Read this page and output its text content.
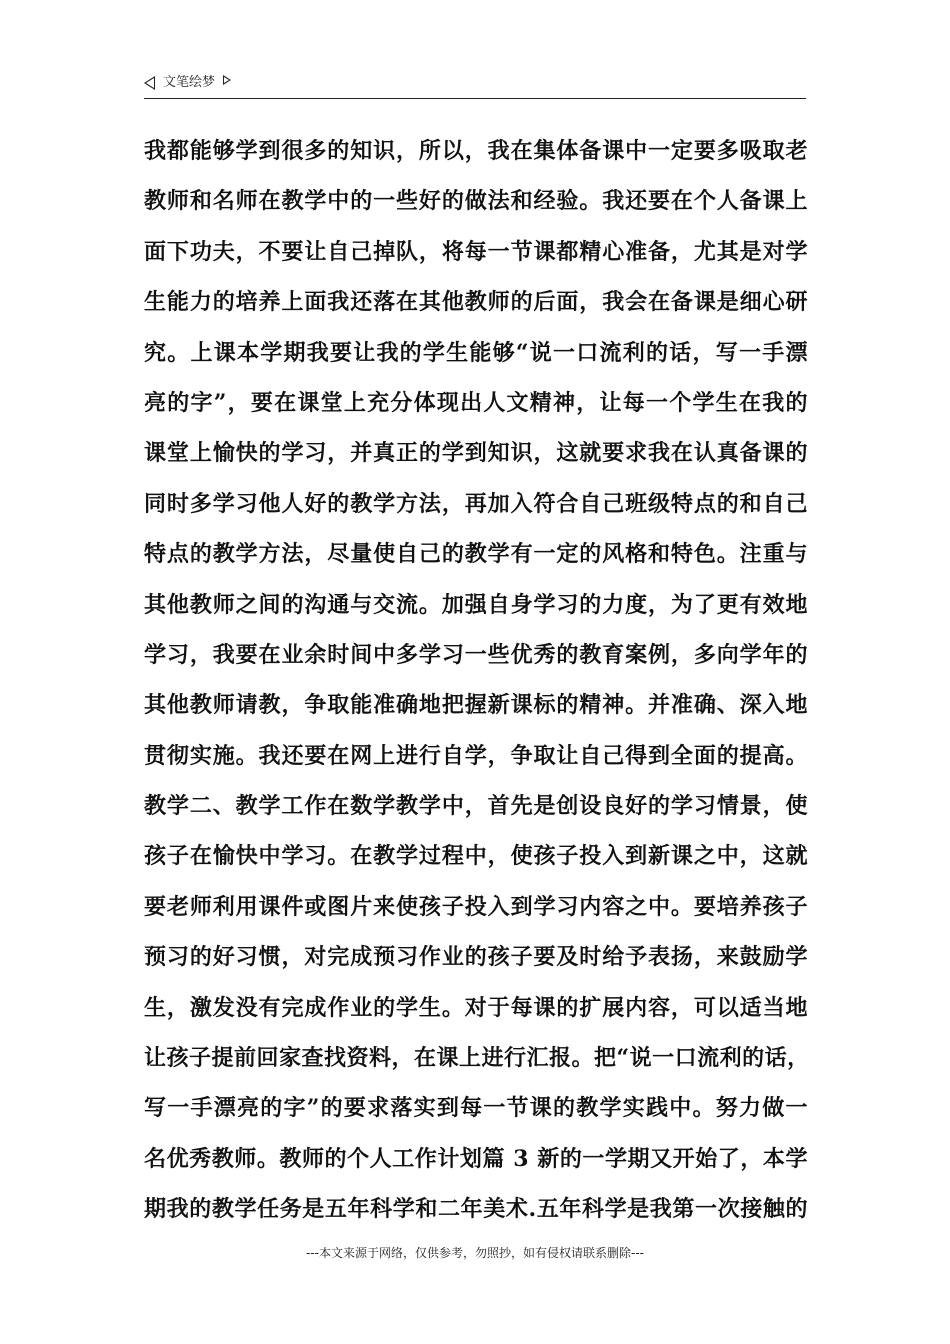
文笔绘梦
我都能够学到很多的知识，所以，我在集体备课中一定要多吸取老
教师和名师在教学中的一些好的做法和经验。我还要在个人备课上
面下功夫，不要让自己掉队，将每一节课都精心准备，尤其是对学
生能力的培养上面我还落在其他教师的后面，我会在备课是细心研
究。上课本学期我要让我的学生能够“说一口流利的话，写一手漂
亮的字”，要在课堂上充分体现出人文精神，让每一个学生在我的
课堂上愉快的学习，并真正的学到知识，这就要求我在认真备课的
同时多学习他人好的教学方法，再加入符合自己班级特点的和自己
特点的教学方法，尽量使自己的教学有一定的风格和特色。注重与
其他教师之间的沟通与交流。加强自身学习的力度，为了更有效地
学习，我要在业余时间中多学习一些优秀的教育案例，多向学年的
其他教师请教，争取能准确地把握新课标的精神。并准确、深入地
贯彻实施。我还要在网上进行自学，争取让自己得到全面的提高。
教学二、教学工作在数学教学中，首先是创设良好的学习情景，使
孩子在愉快中学习。在教学过程中，使孩子投入到新课之中，这就
要老师利用课件或图片来使孩子投入到学习内容之中。要培养孩子
预习的好习惯，对完成预习作业的孩子要及时给予表扬，来鼓励学
生，激发没有完成作业的学生。对于每课的扩展内容，可以适当地
让孩子提前回家查找资料，在课上进行汇报。把“说一口流利的话，
写一手漂亮的字”的要求落实到每一节课的教学实践中。努力做一
名优秀教师。教师的个人工作计划篇 3 新的一学期又开始了，本学
期我的教学任务是五年科学和二年美术.五年科学是我第一次接触的
---本文来源于网络，仅供参考，勿照抄，如有侵权请联系删除---
